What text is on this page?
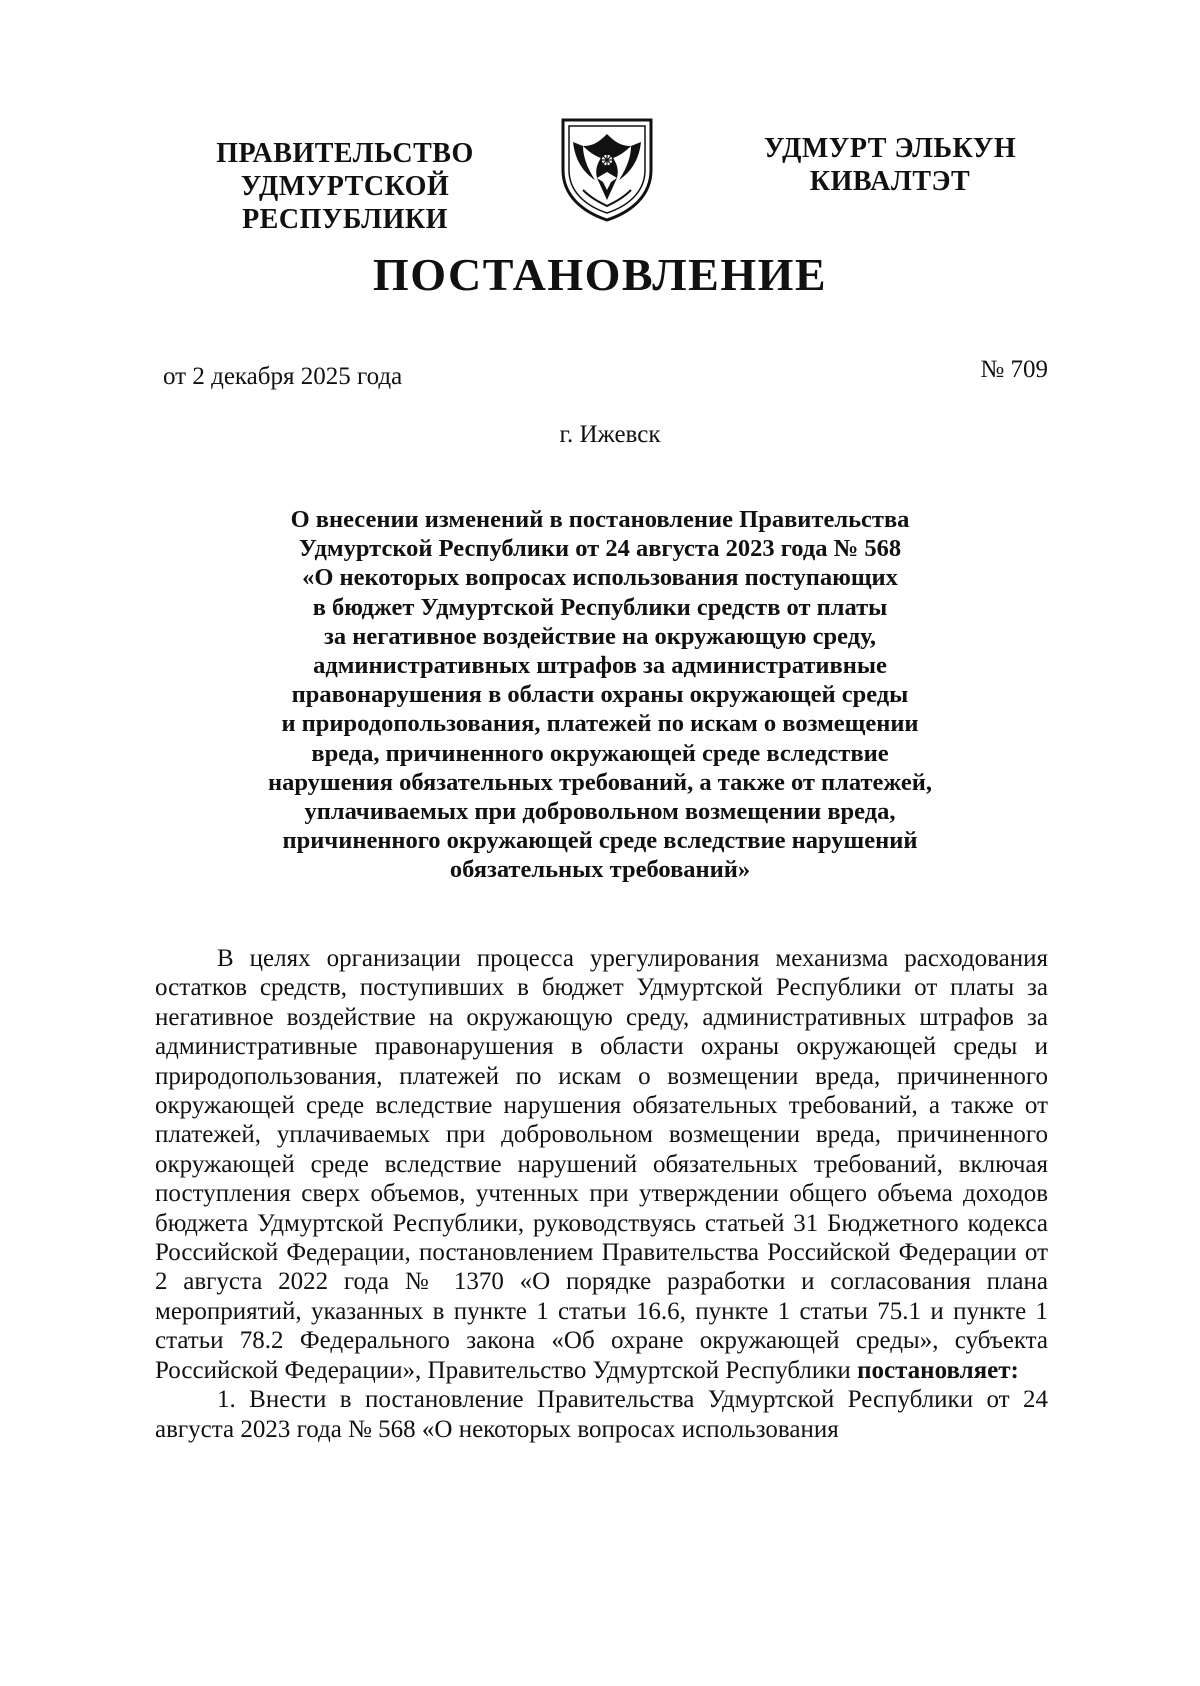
ПРАВИТЕЛЬСТВО
УДМУРТСКОЙ РЕСПУБЛИКИ
УДМУРТ ЭЛЬКУН
КИВАЛТЭТ
ПОСТАНОВЛЕНИЕ
от 2 декабря 2025 года	№ 709
г. Ижевск
О внесении изменений в постановление Правительства
Удмуртской Республики от 24 августа 2023 года № 568
«О некоторых вопросах использования поступающих
в бюджет Удмуртской Республики средств от платы
за негативное воздействие на окружающую среду,
административных штрафов за административные
правонарушения в области охраны окружающей среды
и природопользования, платежей по искам о возмещении
вреда, причиненного окружающей среде вследствие
нарушения обязательных требований, а также от платежей,
уплачиваемых при добровольном возмещении вреда,
причиненного окружающей среде вследствие нарушений
обязательных требований»

В целях организации процесса урегулирования механизма расходования остатков средств, поступивших в бюджет Удмуртской Республики от платы за негативное воздействие на окружающую среду, административных штрафов за административные правонарушения в области охраны окружающей среды и природопользования, платежей по искам о возмещении вреда, причиненного окружающей среде вследствие нарушения обязательных требований, а также от платежей, уплачиваемых при добровольном возмещении вреда, причиненного окружающей среде вследствие нарушений обязательных требований, включая поступления сверх объемов, учтенных при утверждении общего объема доходов бюджета Удмуртской Республики, руководствуясь статьей 31 Бюджетного кодекса Российской Федерации, постановлением Правительства Российской Федерации от 2 августа 2022 года № 1370 «О порядке разработки и согласования плана мероприятий, указанных в пункте 1 статьи 16.6, пункте 1 статьи 75.1 и пункте 1 статьи 78.2 Федерального закона «Об охране окружающей среды», субъекта Российской Федерации», Правительство Удмуртской Республики постановляет:

1. Внести в постановление Правительства Удмуртской Республики от 24 августа 2023 года № 568 «О некоторых вопросах использования
